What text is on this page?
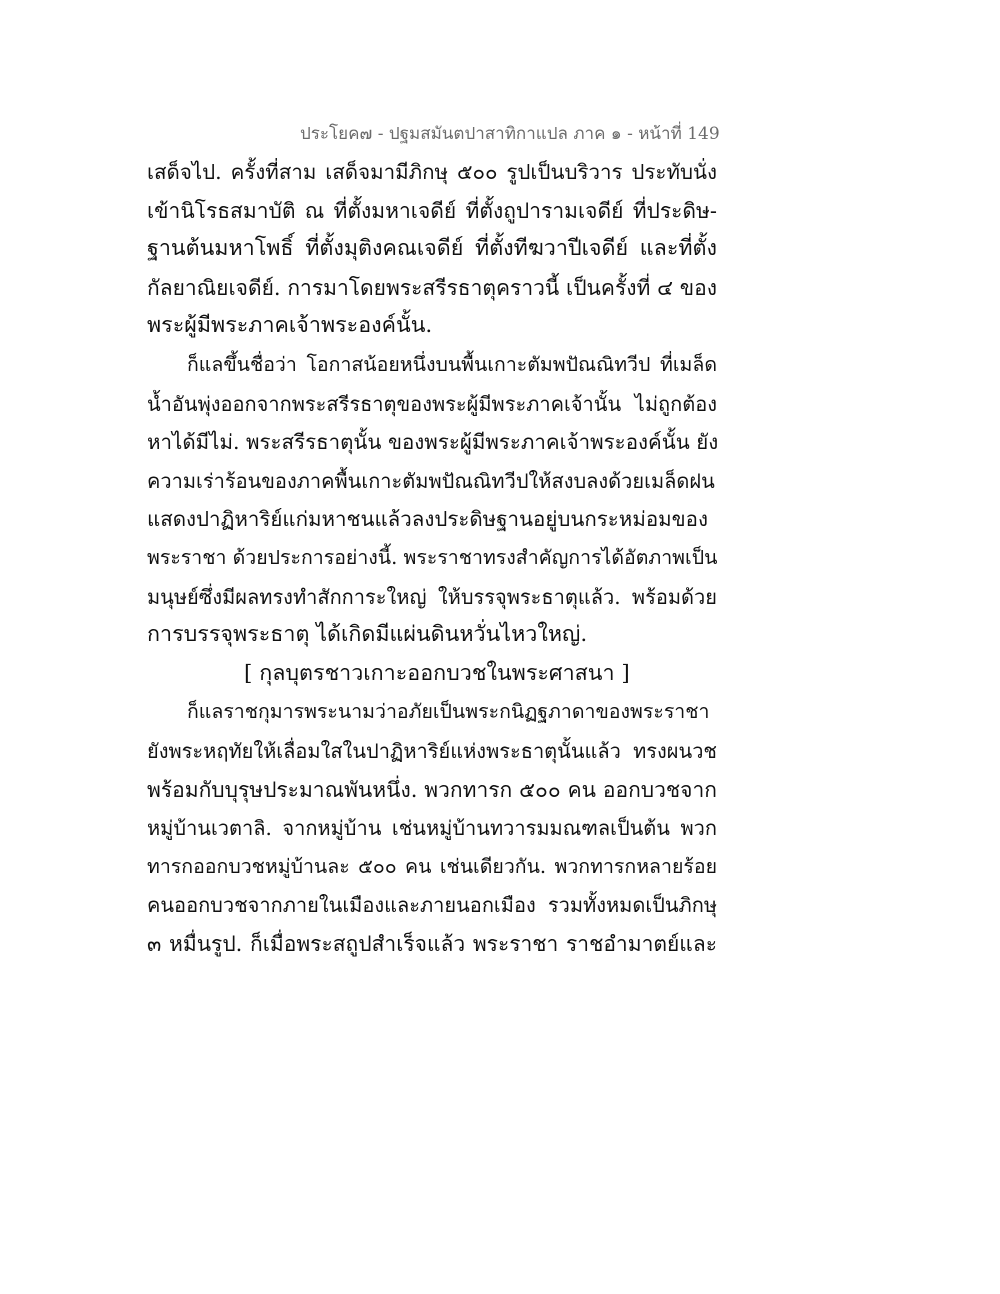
ประโยค๗ - ปฐมสมันตปาสาทิกาแปล ภาค ๑ - หน้าที่ 149
เสด็จไป. ครั้งที่สาม เสด็จมามีภิกษุ ๕๐๐ รูปเป็นบริวาร ประทับนั่ง
เข้านิโรธสมาบัติ ณ ที่ตั้งมหาเจดีย์ ที่ตั้งถูปารามเจดีย์ ที่ประดิษ-
ฐานต้นมหาโพธิ์ ที่ตั้งมุติงคณเจดีย์ ที่ตั้งทีฆวาปีเจดีย์ และที่ตั้ง
กัลยาณิยเจดีย์. การมาโดยพระสรีรธาตุคราวนี้ เป็นครั้งที่ ๔ ของ
พระผู้มีพระภาคเจ้าพระองค์นั้น.
ก็แลขึ้นชื่อว่า โอกาสน้อยหนึ่งบนพื้นเกาะตัมพปัณณิทวีป ที่เมล็ด
น้ำอันพุ่งออกจากพระสรีรธาตุของพระผู้มีพระภาคเจ้านั้น ไม่ถูกต้อง
หาได้มีไม่. พระสรีรธาตุนั้น ของพระผู้มีพระภาคเจ้าพระองค์นั้น ยัง
ความเร่าร้อนของภาคพื้นเกาะตัมพปัณณิทวีปให้สงบลงด้วยเมล็ดฝน
แสดงปาฏิหาริย์แก่มหาชนแล้วลงประดิษฐานอยู่บนกระหม่อมของ
พระราชา ด้วยประการอย่างนี้. พระราชาทรงสำคัญการได้อัตภาพเป็น
มนุษย์ซึ่งมีผลทรงทำสักการะใหญ่ ให้บรรจุพระธาตุแล้ว. พร้อมด้วย
การบรรจุพระธาตุ ได้เกิดมีแผ่นดินหวั่นไหวใหญ่.
[ กุลบุตรชาวเกาะออกบวชในพระศาสนา ]
ก็แลราชกุมารพระนามว่าอภัยเป็นพระกนิฏฐภาดาของพระราชา
ยังพระหฤทัยให้เลื่อมใสในปาฏิหาริย์แห่งพระธาตุนั้นแล้ว ทรงผนวช
พร้อมกับบุรุษประมาณพันหนึ่ง. พวกทารก ๕๐๐ คน ออกบวชจาก
หมู่บ้านเวตาลิ. จากหมู่บ้าน เช่นหมู่บ้านทวารมมณฑลเป็นต้น พวก
ทารกออกบวชหมู่บ้านละ ๕๐๐ คน เช่นเดียวกัน. พวกทารกหลายร้อย
คนออกบวชจากภายในเมืองและภายนอกเมือง รวมทั้งหมดเป็นภิกษุ
๓ หมื่นรูป. ก็เมื่อพระสถูปสำเร็จแล้ว พระราชา ราชอำมาตย์และ
